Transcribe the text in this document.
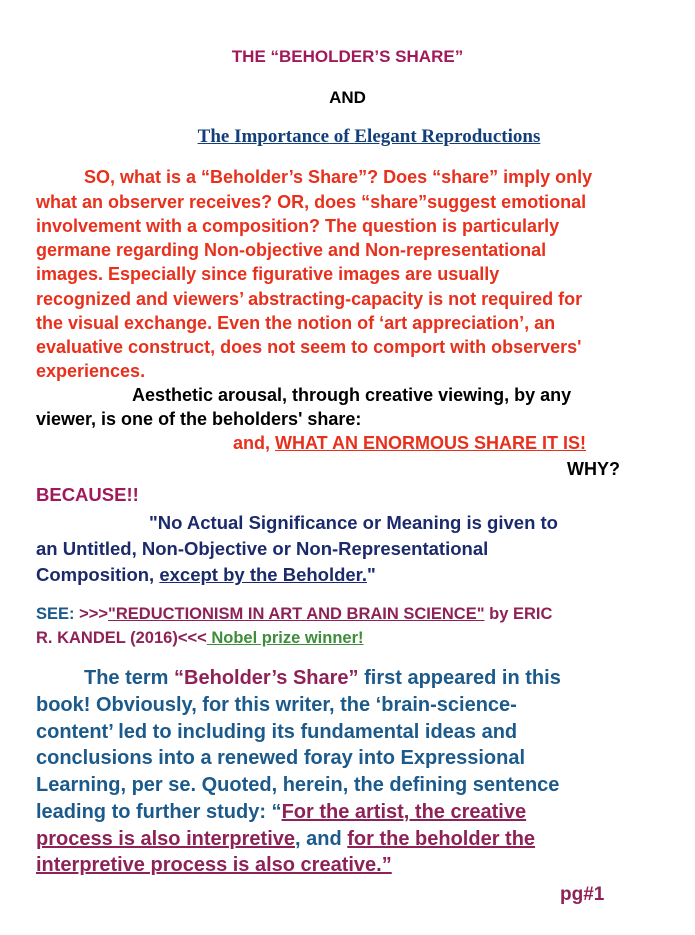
THE “BEHOLDER’S SHARE”
AND
The Importance of Elegant Reproductions
SO, what is a “Beholder’s Share”? Does “share” imply only
what an observer receives? OR, does “share”suggest emotional
involvement with a composition? The question is particularly
germane regarding Non-objective and Non-representational
images. Especially since figurative images are usually
recognized and viewers’ abstracting-capacity is not required for
the visual exchange. Even the notion of ‘art appreciation’, an
evaluative construct, does not seem to comport with observers'
experiences.
Aesthetic arousal, through creative viewing, by any
viewer, is one of the beholders' share:
and, WHAT AN ENORMOUS SHARE IT IS!
WHY?
BECAUSE!!
"No Actual Significance or Meaning is given to
an Untitled, Non-Objective or Non-Representational
Composition, except by the Beholder."
SEE: >>>"REDUCTIONISM IN ART AND BRAIN SCIENCE" by ERIC
R. KANDEL (2016)<<< Nobel prize winner!
The term “Beholder’s Share” first appeared in this
book! Obviously, for this writer, the ‘brain-science-
content’ led to including its fundamental ideas and
conclusions into a renewed foray into Expressional
Learning, per se. Quoted, herein, the defining sentence
leading to further study: “For the artist, the creative
process is also interpretive, and for the beholder the
interpretive process is also creative.”
pg#1
